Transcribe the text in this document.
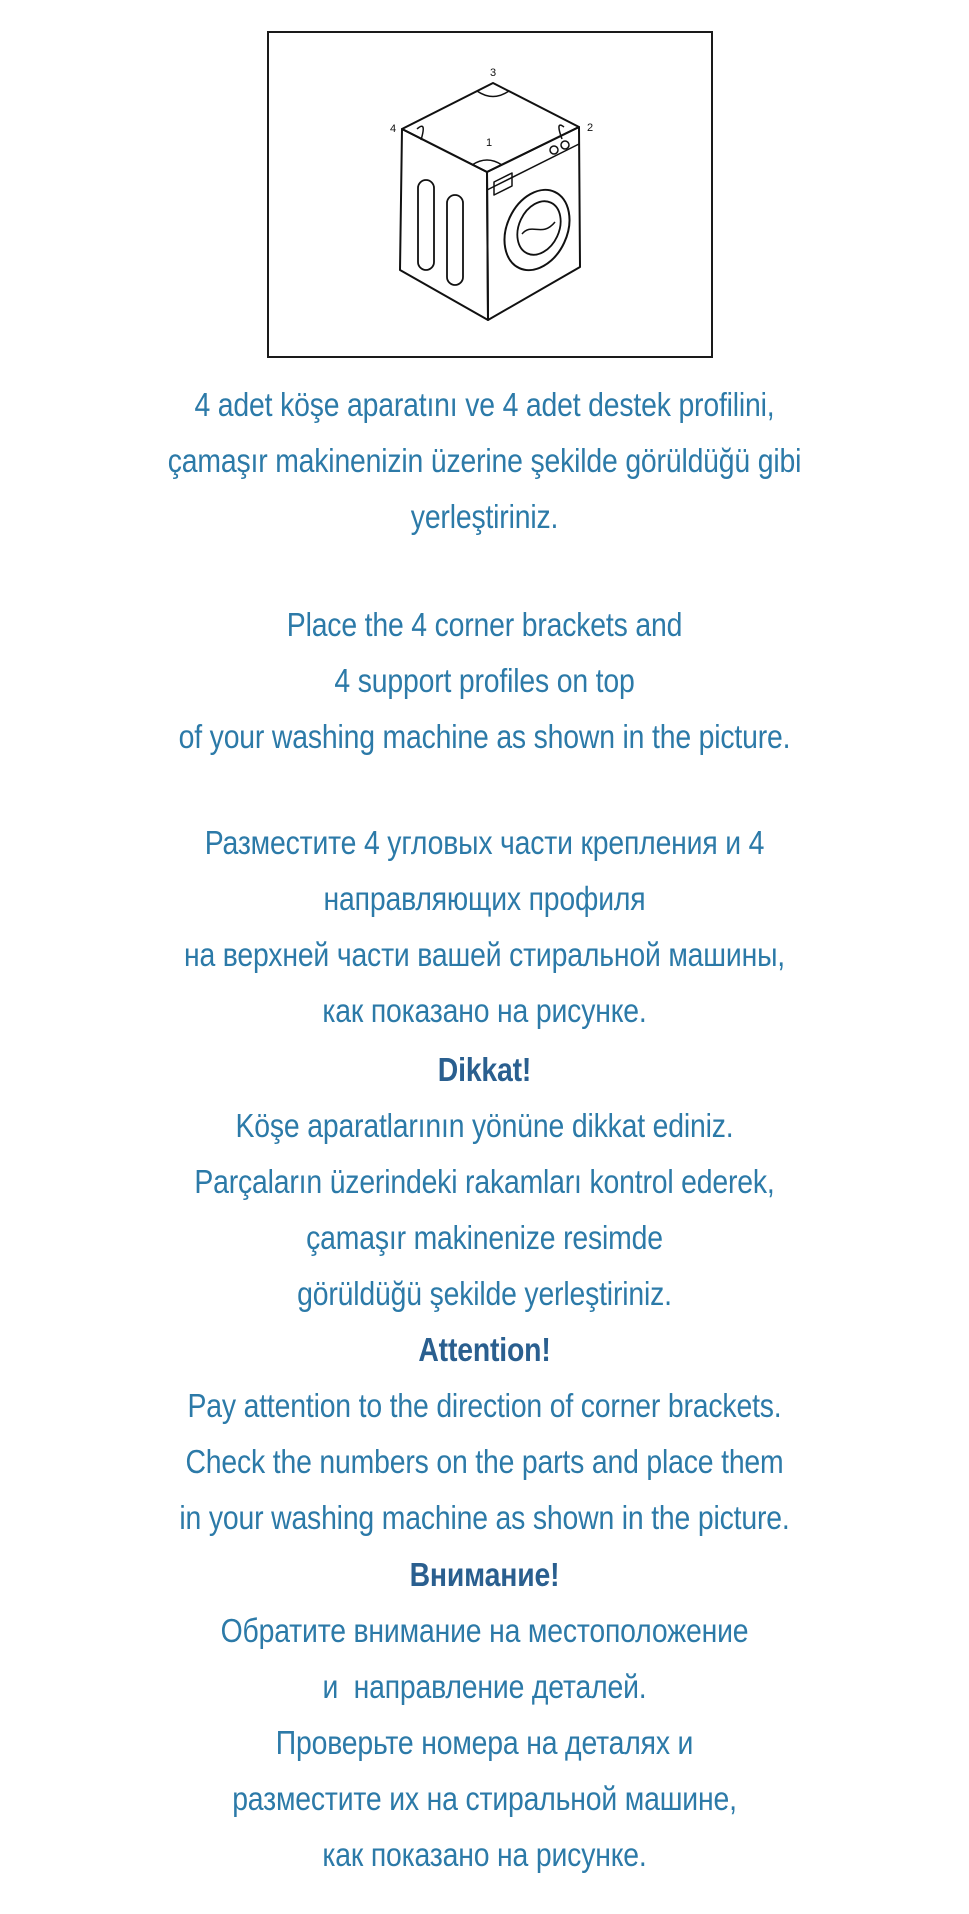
3
2
1
4
4 adet köşe aparatını ve 4 adet destek profilini,
çamaşır makinenizin üzerine şekilde görüldüğü gibi
yerleştiriniz.
Place the 4 corner brackets and
4 support profiles on top
of your washing machine as shown in the picture.
Разместите 4 угловых части крепления и 4
направляющих профиля
на верхней части вашей стиральной машины,
как показано на рисунке.
Dikkat!
Köşe aparatlarının yönüne dikkat ediniz.
Parçaların üzerindeki rakamları kontrol ederek,
çamaşır makinenize resimde
görüldüğü şekilde yerleştiriniz.
Attention!
Pay attention to the direction of corner brackets.
Check the numbers on the parts and place them
in your washing machine as shown in the picture.
Внимание!
Обратите внимание на местоположение
и  направление деталей.
Проверьте номера на деталях и
разместите их на стиральной машине,
как показано на рисунке.
